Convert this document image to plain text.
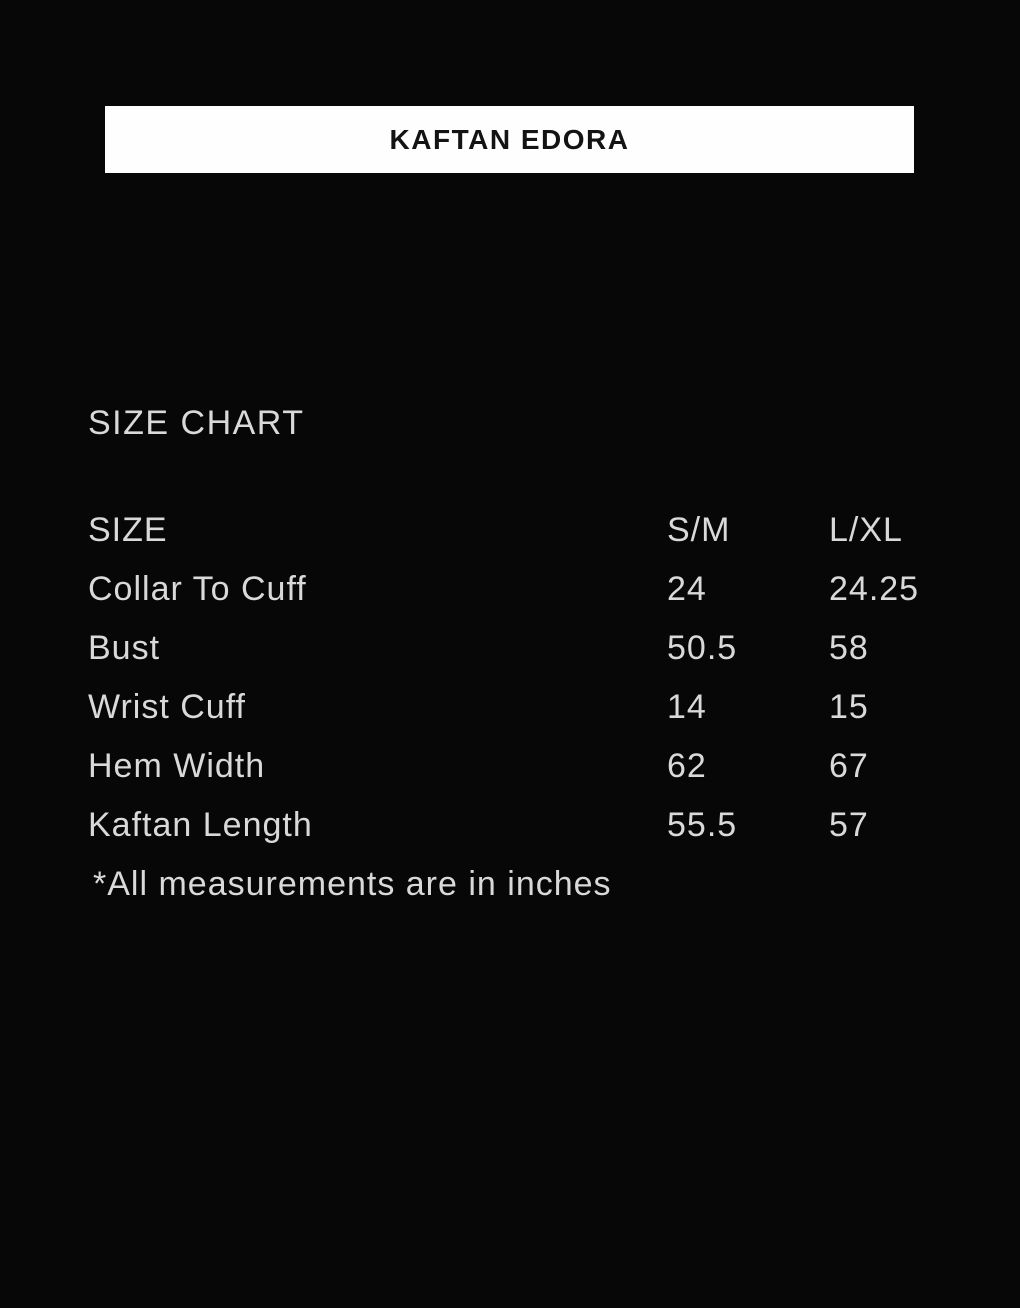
KAFTAN EDORA
SIZE CHART
SIZE	S/M	L/XL
Collar To Cuff	24	24.25
Bust	50.5	58
Wrist Cuff	14	15
Hem Width	62	67
Kaftan Length	55.5	57
*All measurements are in inches
